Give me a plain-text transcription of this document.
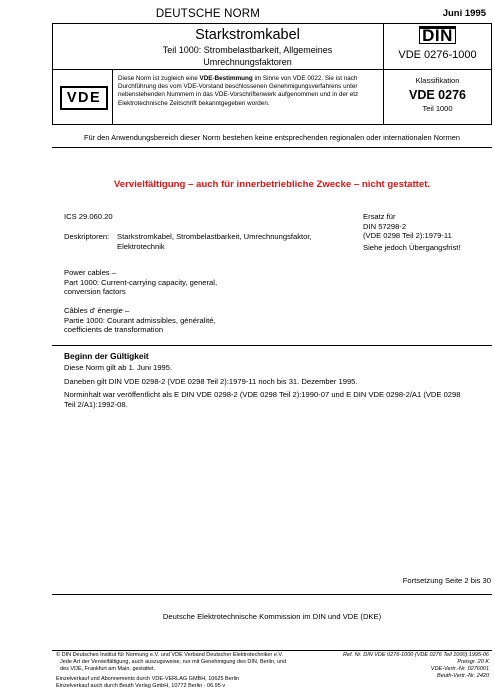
DEUTSCHE NORM	Juni 1995
Starkstromkabel
Teil 1000: Strombelastbarkeit, Allgemeines
Umrechnungsfaktoren
DIN
VDE 0276-1000
VDE
Diese Norm ist zugleich eine VDE-Bestimmung im Sinne von VDE 0022. Sie ist nach Durchführung des vom VDE-Vorstand beschlossenen Genehmigungsverfahrens unter nebenstehenden Nummern in das VDE-Vorschriftenwerk aufgenommen und in der etz Elektrotechnische Zeitschrift bekanntgegeben worden.
Klassifikation
VDE 0276
Teil 1000
Für den Anwendungsbereich dieser Norm bestehen keine entsprechenden regionalen oder internationalen Normen
Vervielfältigung – auch für innerbetriebliche Zwecke – nicht gestattet.
ICS 29.060.20
Deskriptoren: Starkstromkabel, Strombelastbarkeit, Umrechnungsfaktor,
Elektrotechnik
Ersatz für
DIN 57298-2
(VDE 0298 Teil 2):1979-11
Siehe jedoch Übergangsfrist!
Power cables –
Part 1000: Current-carrying capacity, general,
conversion factors
Câbles d' énergie –
Partie 1000: Courant admissibles, généralité,
coefficients de transformation
Beginn der Gültigkeit
Diese Norm gilt ab 1. Juni 1995.
Daneben gilt DIN VDE 0298-2 (VDE 0298 Teil 2):1979-11 noch bis 31. Dezember 1995.
Norminhalt war veröffentlicht als E DIN VDE 0298-2 (VDE 0298 Teil 2):1990-07 und E DIN VDE 0298-2/A1 (VDE 0298
Teil 2/A1):1992-08.
Fortsetzung Seite 2 bis 30
Deutsche Elektrotechnische Kommission im DIN und VDE (DKE)
© DIN Deutsches Institut für Normung e.V. und VDE Verband Deutscher Elektrotechniker e.V.
Jede Art der Vervielfältigung, auch auszugsweise, nur mit Genehmigung des DIN, Berlin, und
des VDE, Frankfurt am Main, gestattet.
Einzelverkauf und Abonnements durch VDE-VERLAG GMBH, 10625 Berlin
Einzelverkauf auch durch Beuth Verlag GmbH, 10772 Berlin · 06.95 v
Ref. Nr. DIN VDE 0276-1000 (VDE 0276 Teil 1000):1995-06
Preisgr. 20 K
VDE-Vertr.-Nr. 0276001
Beuth-Vertr.-Nr. 2420
